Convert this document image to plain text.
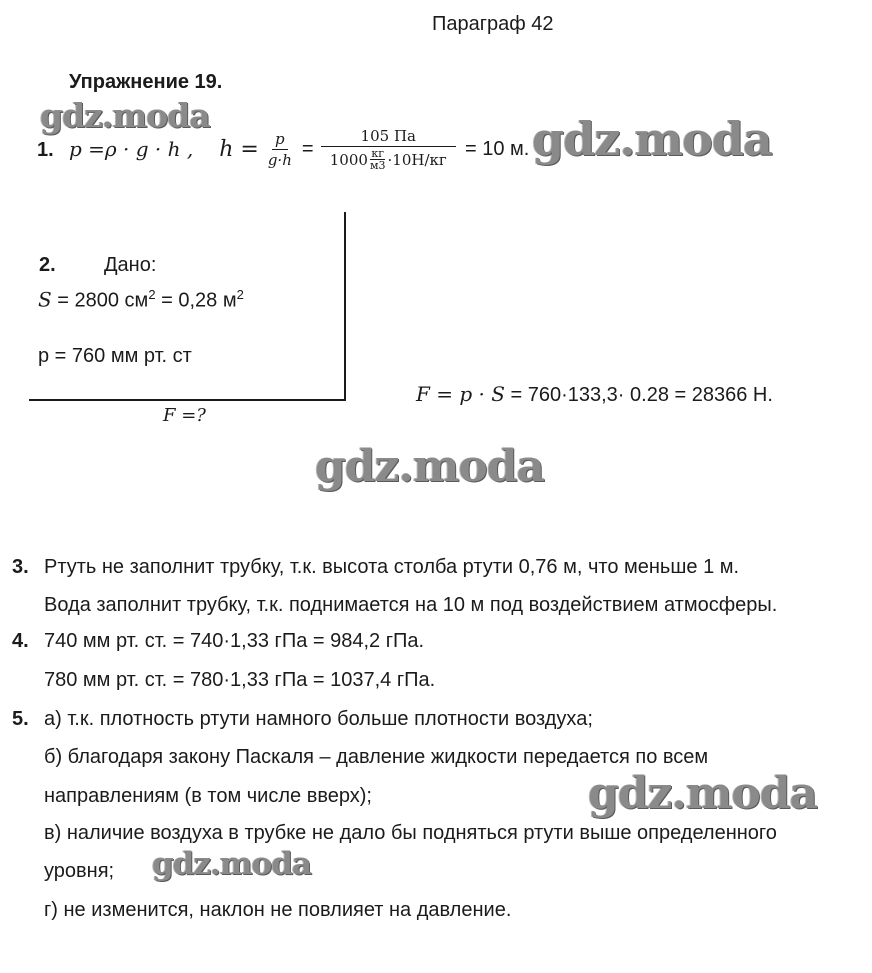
Параграф 42
Упражнение 19.
gdz.moda	gdz.moda
gdz.moda
gdz.moda
gdz.moda
1. p =ρ · g · h , $h = \frac{p}{g\cdot h} = \frac{105 Па}{1000 \frac{кг}{м3} \cdot 10Н/кг} = 10$ м.
2. Дано:
S = 2800 $см^2 = 0,28$ $м^2$
p = 760 мм рт. ст
F =?
F = p · S = 760·133,3· 0.28 = 28366 Н.
3. Ртуть не заполнит трубку, т.к. высота столба ртути 0,76 м, что меньше 1 м.
Вода заполнит трубку, т.к. поднимается на 10 м под воздействием атмосферы.
4. 740 мм рт. ст. = 740·1,33 гПа = 984,2 гПа.
780 мм рт. ст. = 780·1,33 гПа = 1037,4 гПа.
5. а) т.к. плотность ртути намного больше плотности воздуха;
б) благодаря закону Паскаля – давление жидкости передается по всем
направлениям (в том числе вверх);
в) наличие воздуха в трубке не дало бы подняться ртути выше определенного
уровня;
г) не изменится, наклон не повлияет на давление.
